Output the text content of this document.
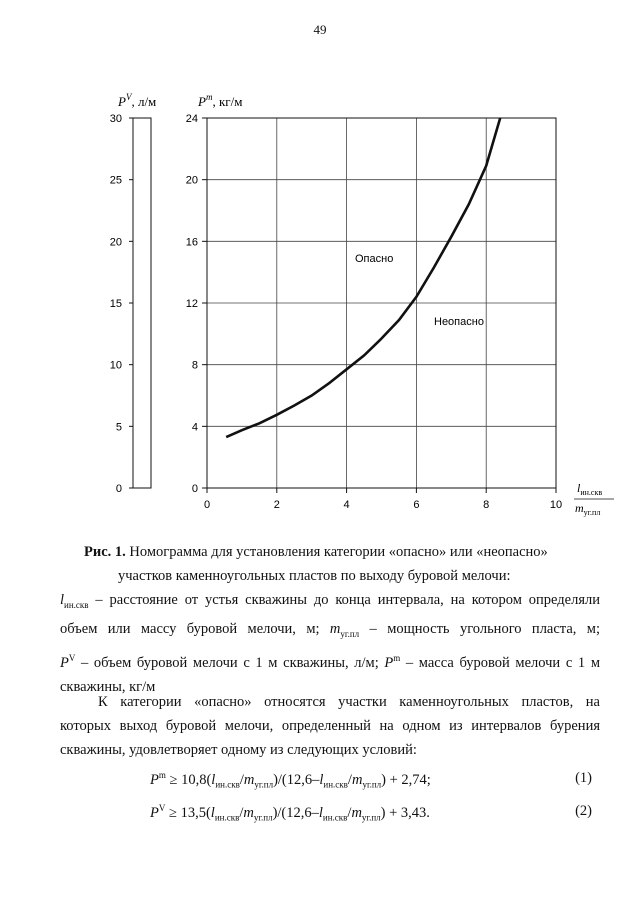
49
0
5
10
15
20
25
30
$P^V$, л/м
0
4
8
12
16
20
24
0	2	4	6	8	10
$P^m$, кг/м
Опасно
Неопасно
$l_{ин.скв}$
$m_{уг.пл}$
Рис. 1. Номограмма для установления категории «опасно» или «неопасно»
участков каменноугольных пластов по выходу буровой мелочи:
$l_{ин.скв}$ – расстояние от устья скважины до конца интервала, на котором определяли
объем или массу буровой мелочи, м; $m_{уг.пл}$ – мощность угольного пласта, м;
$P^V$ – объем буровой мелочи с 1 м скважины, л/м; $P^m$ – масса буровой мелочи с 1 м
скважины, кг/м
К категории «опасно» относятся участки каменноугольных пластов, на
которых выход буровой мелочи, определенный на одном из интервалов бурения
скважины, удовлетворяет одному из следующих условий:
$P^m \ge 10,8(l_{ин.скв}/m_{уг.пл})/(12,6-l_{ин.скв}/m_{уг.пл}) + 2,74$;	(1)
$P^V \ge 13,5(l_{ин.скв}/m_{уг.пл})/(12,6-l_{ин.скв}/m_{уг.пл}) + 3,43$.	(2)
